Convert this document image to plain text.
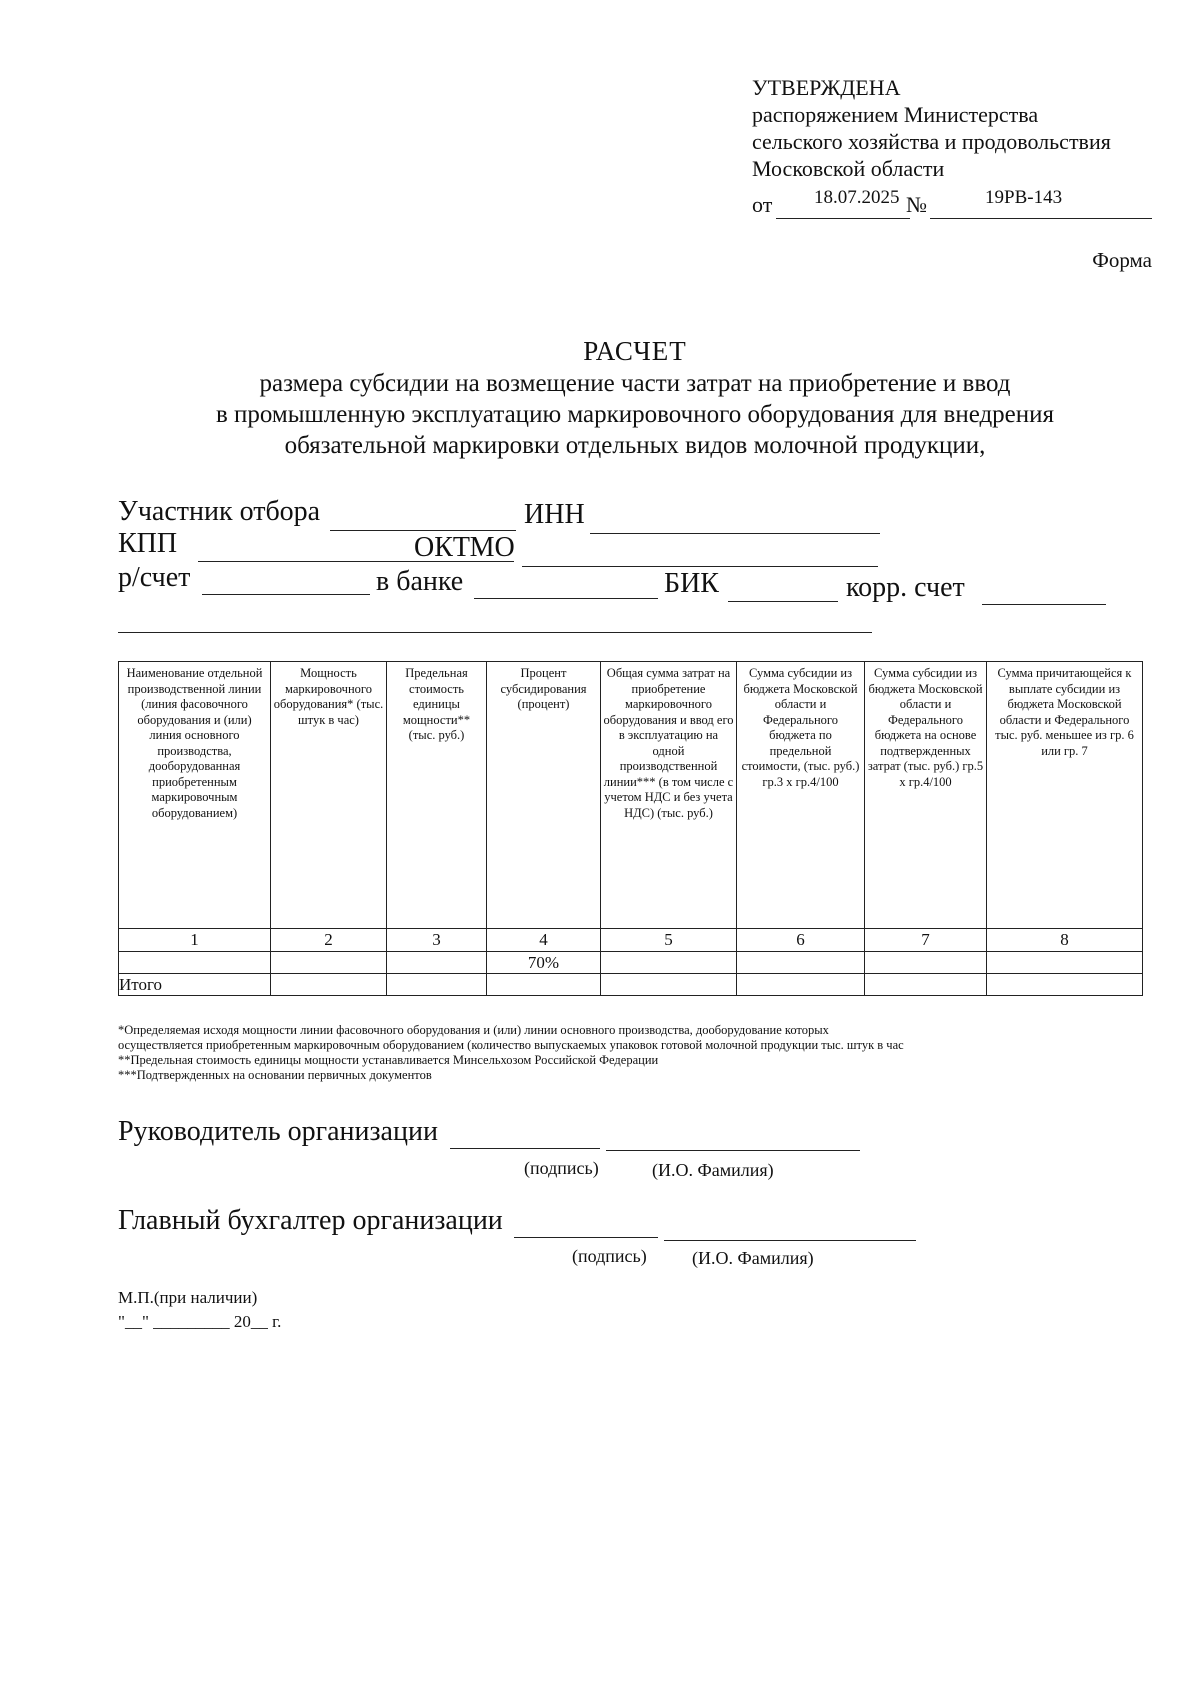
УТВЕРЖДЕНА
распоряжением Министерства
сельского хозяйства и продовольствия
Московской области
от 18.07.2025 №	19РВ-143
Форма
РАСЧЕТ
размера субсидии на возмещение части затрат на приобретение и ввод
в промышленную эксплуатацию маркировочного оборудования для внедрения
обязательной маркировки отдельных видов молочной продукции,
Участник отбора	ИНН
КПП	ОКТМО
р/счет	в банке	БИК	корр. счет
Наименование отдельной производственной линии (линия фасовочного оборудования и (или) линия основного производства, дооборудованная приобретенным маркировочным оборудованием)	Мощность маркировочного оборудования* (тыс. штук в час)	Предельная стоимость единицы мощности** (тыс. руб.)	Процент субсидирования (процент)	Общая сумма затрат на приобретение маркировочного оборудования и ввод его в эксплуатацию на одной производственной линии*** (в том числе с учетом НДС и без учета НДС) (тыс. руб.)	Сумма субсидии из бюджета Московской области и Федерального бюджета по предельной стоимости, (тыс. руб.) гр.3 х гр.4/100	Сумма субсидии из бюджета Московской области и Федерального бюджета на основе подтвержденных затрат (тыс. руб.) гр.5 х гр.4/100	Сумма причитающейся к выплате субсидии из бюджета Московской области и Федерального тыс. руб. меньшее из гр. 6 или гр. 7
1	2	3	4	5	6	7	8
			70%				
Итого							
*Определяемая исходя мощности линии фасовочного оборудования и (или) линии основного производства, дооборудование которых
осуществляется приобретенным маркировочным оборудованием (количество выпускаемых упаковок готовой молочной продукции тыс. штук в час
**Предельная стоимость единицы мощности устанавливается Минсельхозом Российской Федерации
***Подтвержденных на основании первичных документов
Руководитель организации
(подпись)	(И.О. Фамилия)
Главный бухгалтер организации
(подпись)	(И.О. Фамилия)
М.П.(при наличии)
"__" _________ 20__ г.
